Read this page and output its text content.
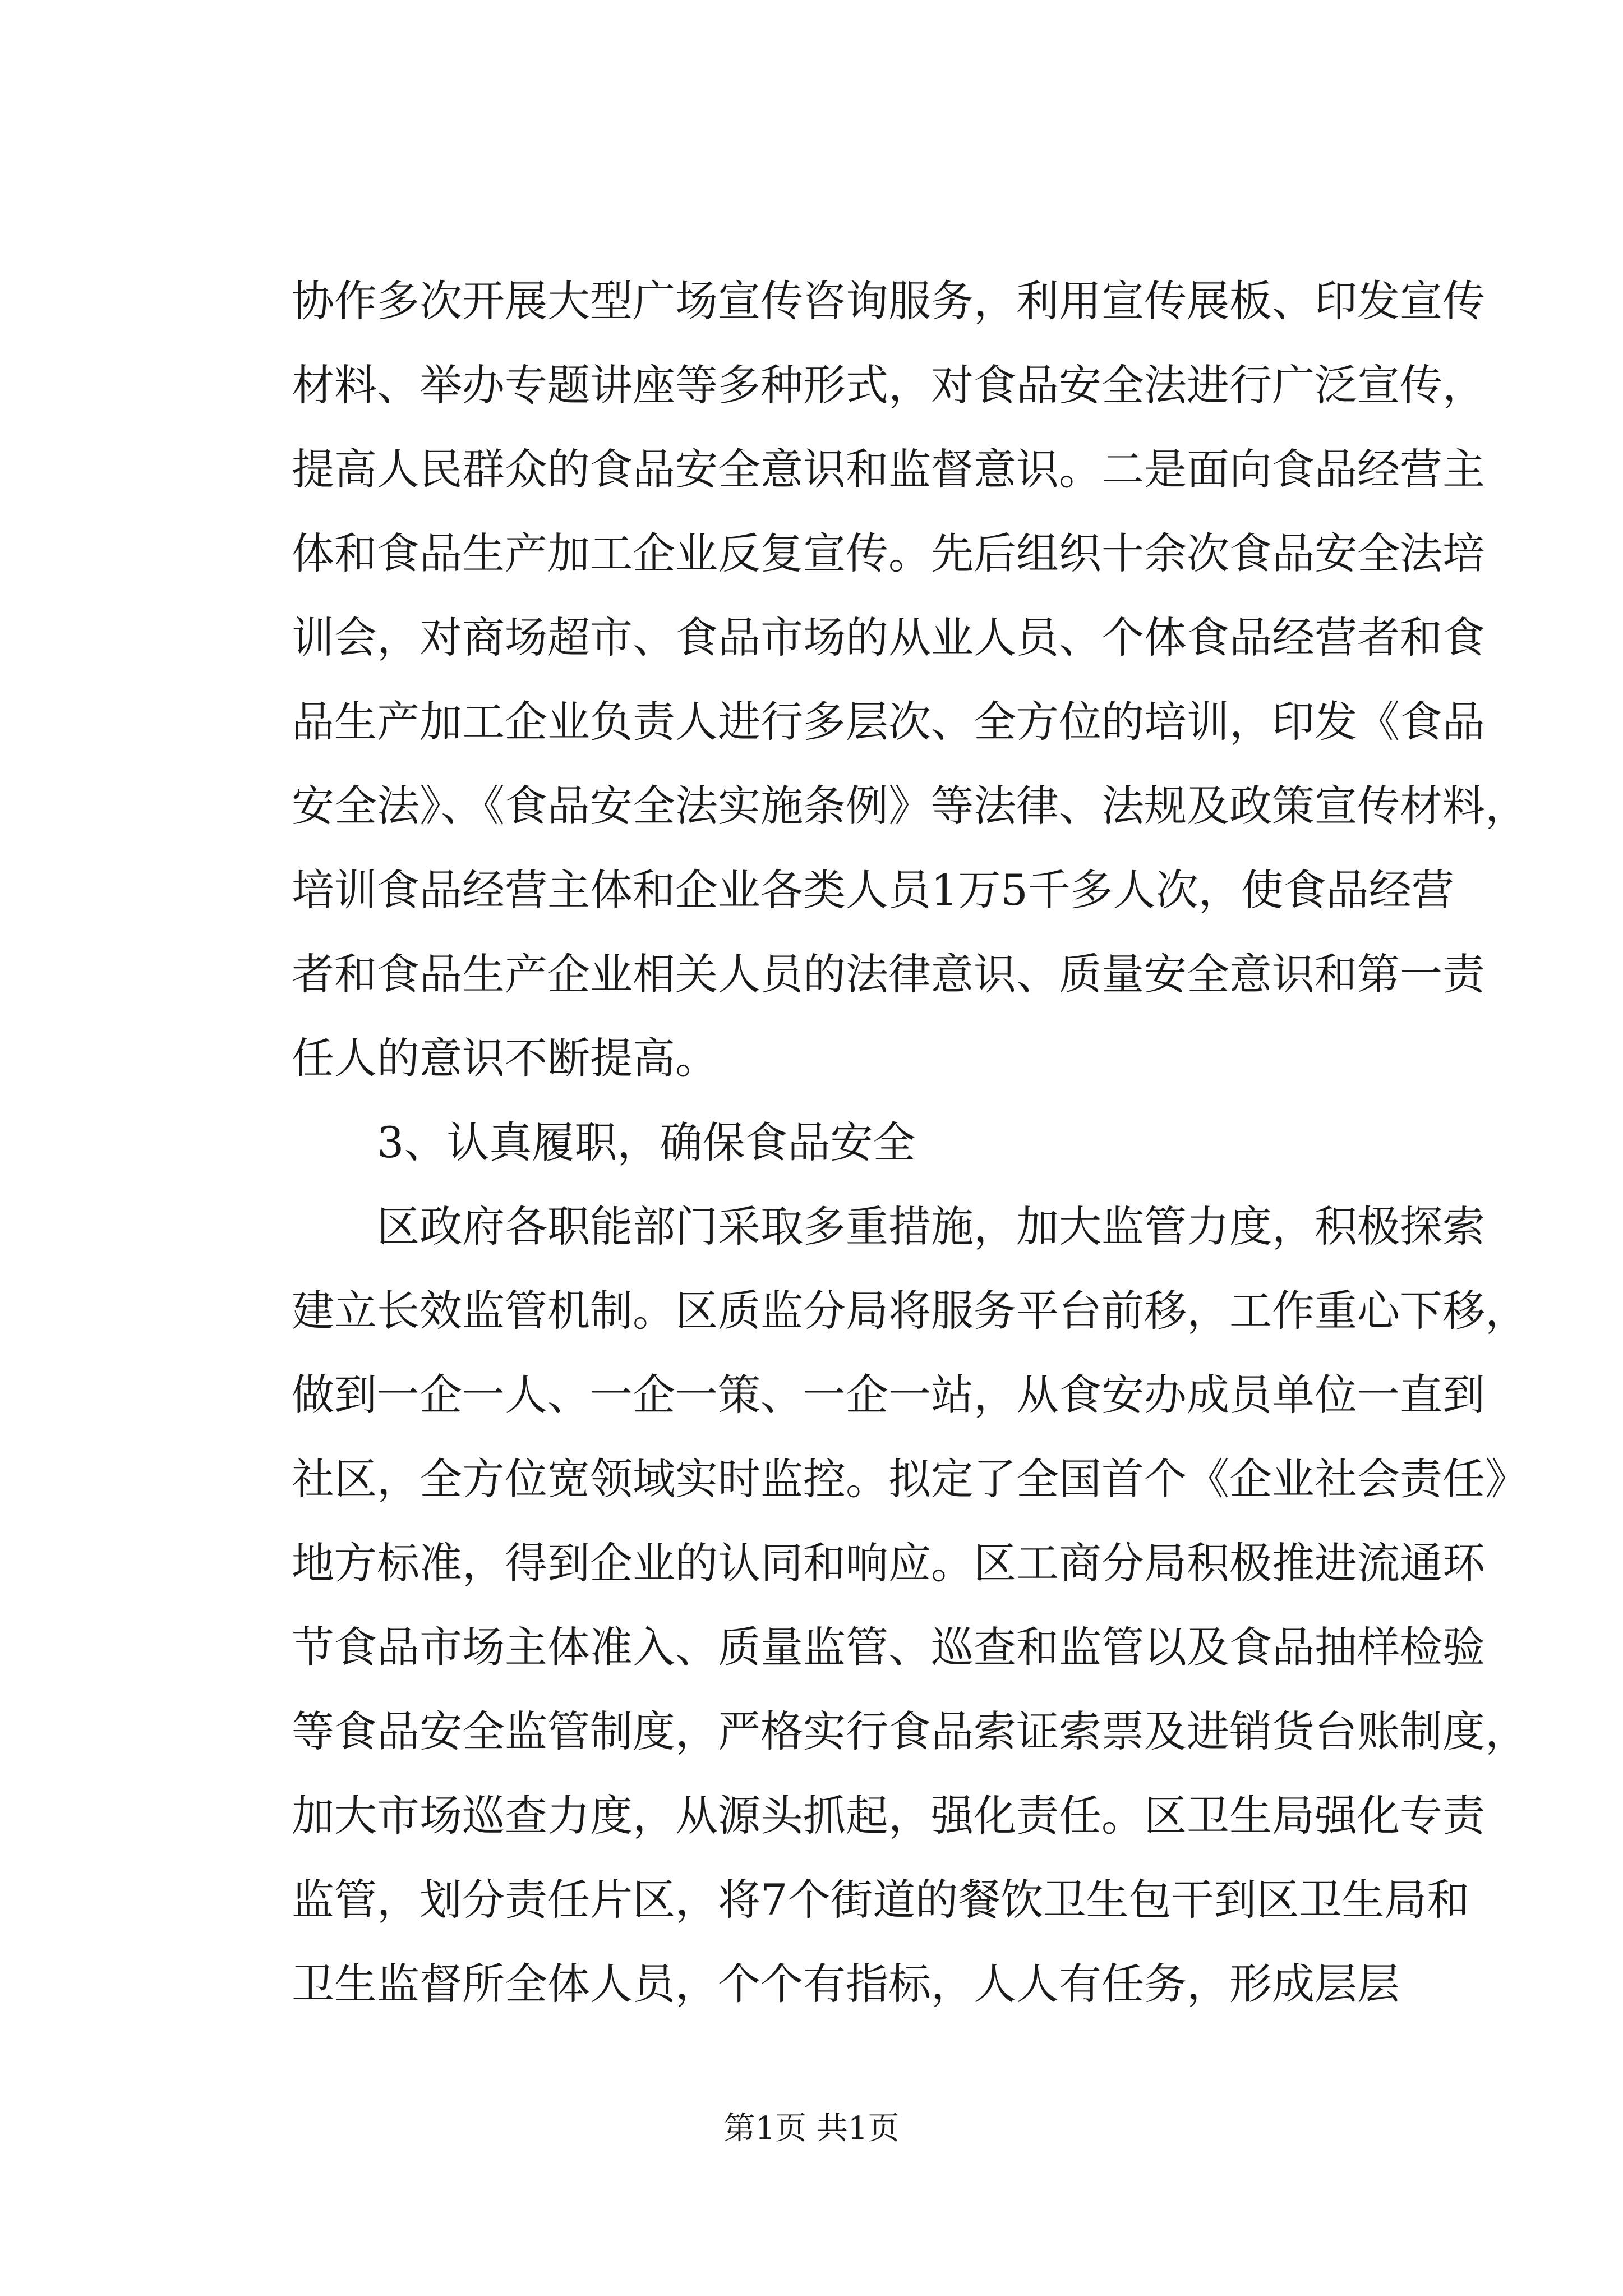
协作多次开展大型广场宣传咨询服务，利用宣传展板、印发宣传
材料、举办专题讲座等多种形式，对食品安全法进行广泛宣传，
提高人民群众的食品安全意识和监督意识。二是面向食品经营主
体和食品生产加工企业反复宣传。先后组织十余次食品安全法培
训会，对商场超市、食品市场的从业人员、个体食品经营者和食
品生产加工企业负责人进行多层次、全方位的培训，印发《食品
安全法》、《食品安全法实施条例》等法律、法规及政策宣传材料，
培训食品经营主体和企业各类人员1万5千多人次，使食品经营
者和食品生产企业相关人员的法律意识、质量安全意识和第一责
任人的意识不断提高。
3、认真履职，确保食品安全
区政府各职能部门采取多重措施，加大监管力度，积极探索
建立长效监管机制。区质监分局将服务平台前移，工作重心下移，
做到一企一人、一企一策、一企一站，从食安办成员单位一直到
社区，全方位宽领域实时监控。拟定了全国首个《企业社会责任》
地方标准，得到企业的认同和响应。区工商分局积极推进流通环
节食品市场主体准入、质量监管、巡查和监管以及食品抽样检验
等食品安全监管制度，严格实行食品索证索票及进销货台账制度，
加大市场巡查力度，从源头抓起，强化责任。区卫生局强化专责
监管，划分责任片区，将7个街道的餐饮卫生包干到区卫生局和
卫生监督所全体人员，个个有指标，人人有任务，形成层层
第1页 共1页
